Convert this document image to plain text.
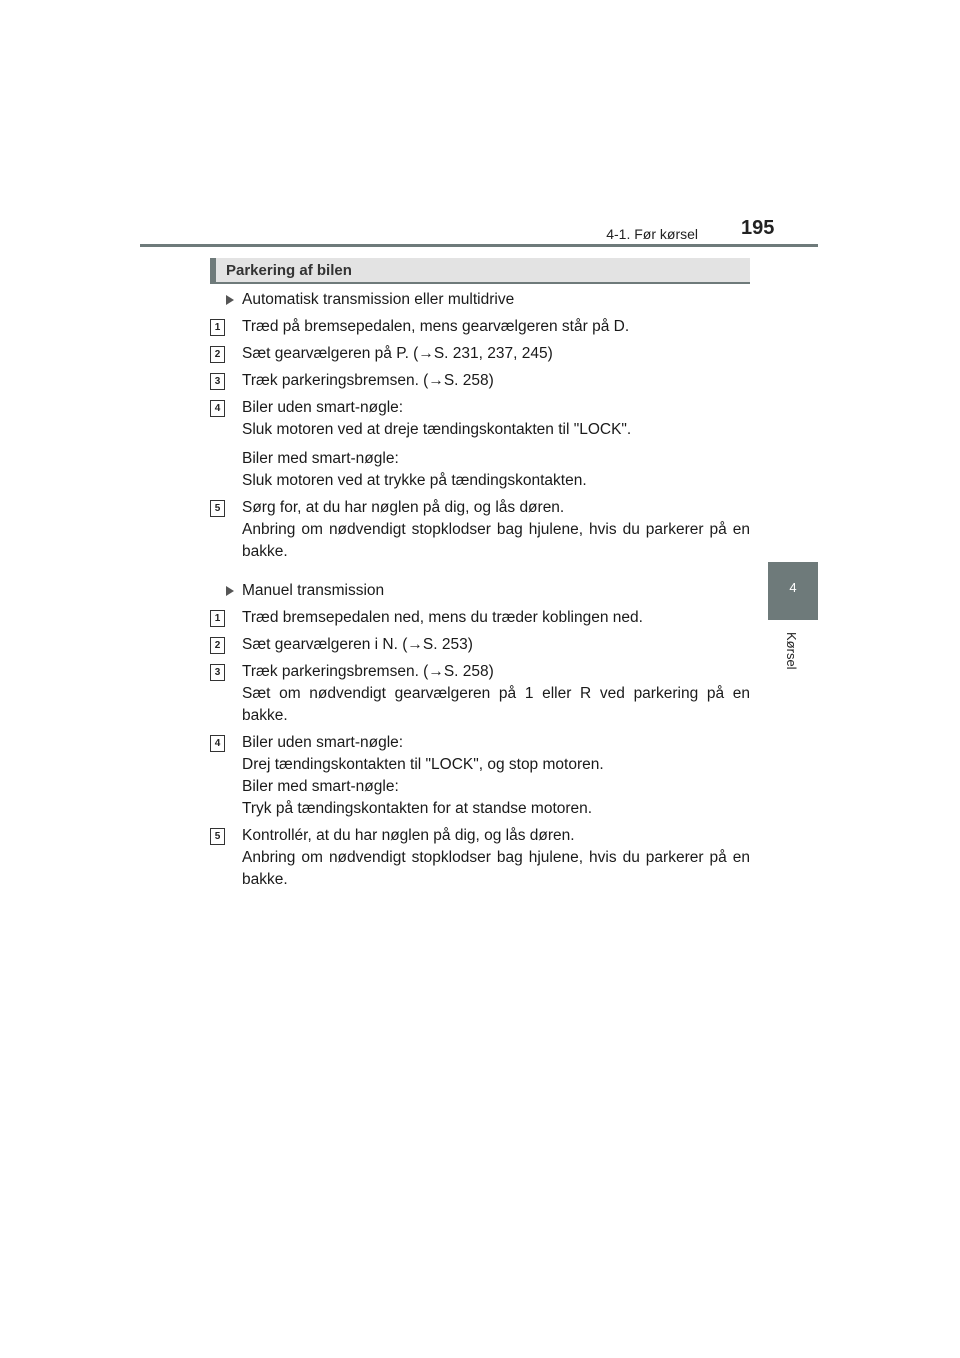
4-1. Før kørsel 195
4
Kørsel
Parkering af bilen
Automatisk transmission eller multidrive
1	Træd på bremsepedalen, mens gearvælgeren står på D.
2	Sæt gearvælgeren på P. (→S. 231, 237, 245)
3	Træk parkeringsbremsen. (→S. 258)
4	Biler uden smart-nøgle:
Sluk motoren ved at dreje tændingskontakten til "LOCK".
Biler med smart-nøgle:
Sluk motoren ved at trykke på tændingskontakten.
5	Sørg for, at du har nøglen på dig, og lås døren.
Anbring om nødvendigt stopklodser bag hjulene, hvis du parkerer på en bakke.
Manuel transmission
1	Træd bremsepedalen ned, mens du træder koblingen ned.
2	Sæt gearvælgeren i N. (→S. 253)
3	Træk parkeringsbremsen. (→S. 258)
Sæt om nødvendigt gearvælgeren på 1 eller R ved parkering på en bakke.
4	Biler uden smart-nøgle:
Drej tændingskontakten til "LOCK", og stop motoren.
Biler med smart-nøgle:
Tryk på tændingskontakten for at standse motoren.
5	Kontrollér, at du har nøglen på dig, og lås døren.
Anbring om nødvendigt stopklodser bag hjulene, hvis du parkerer på en bakke.
